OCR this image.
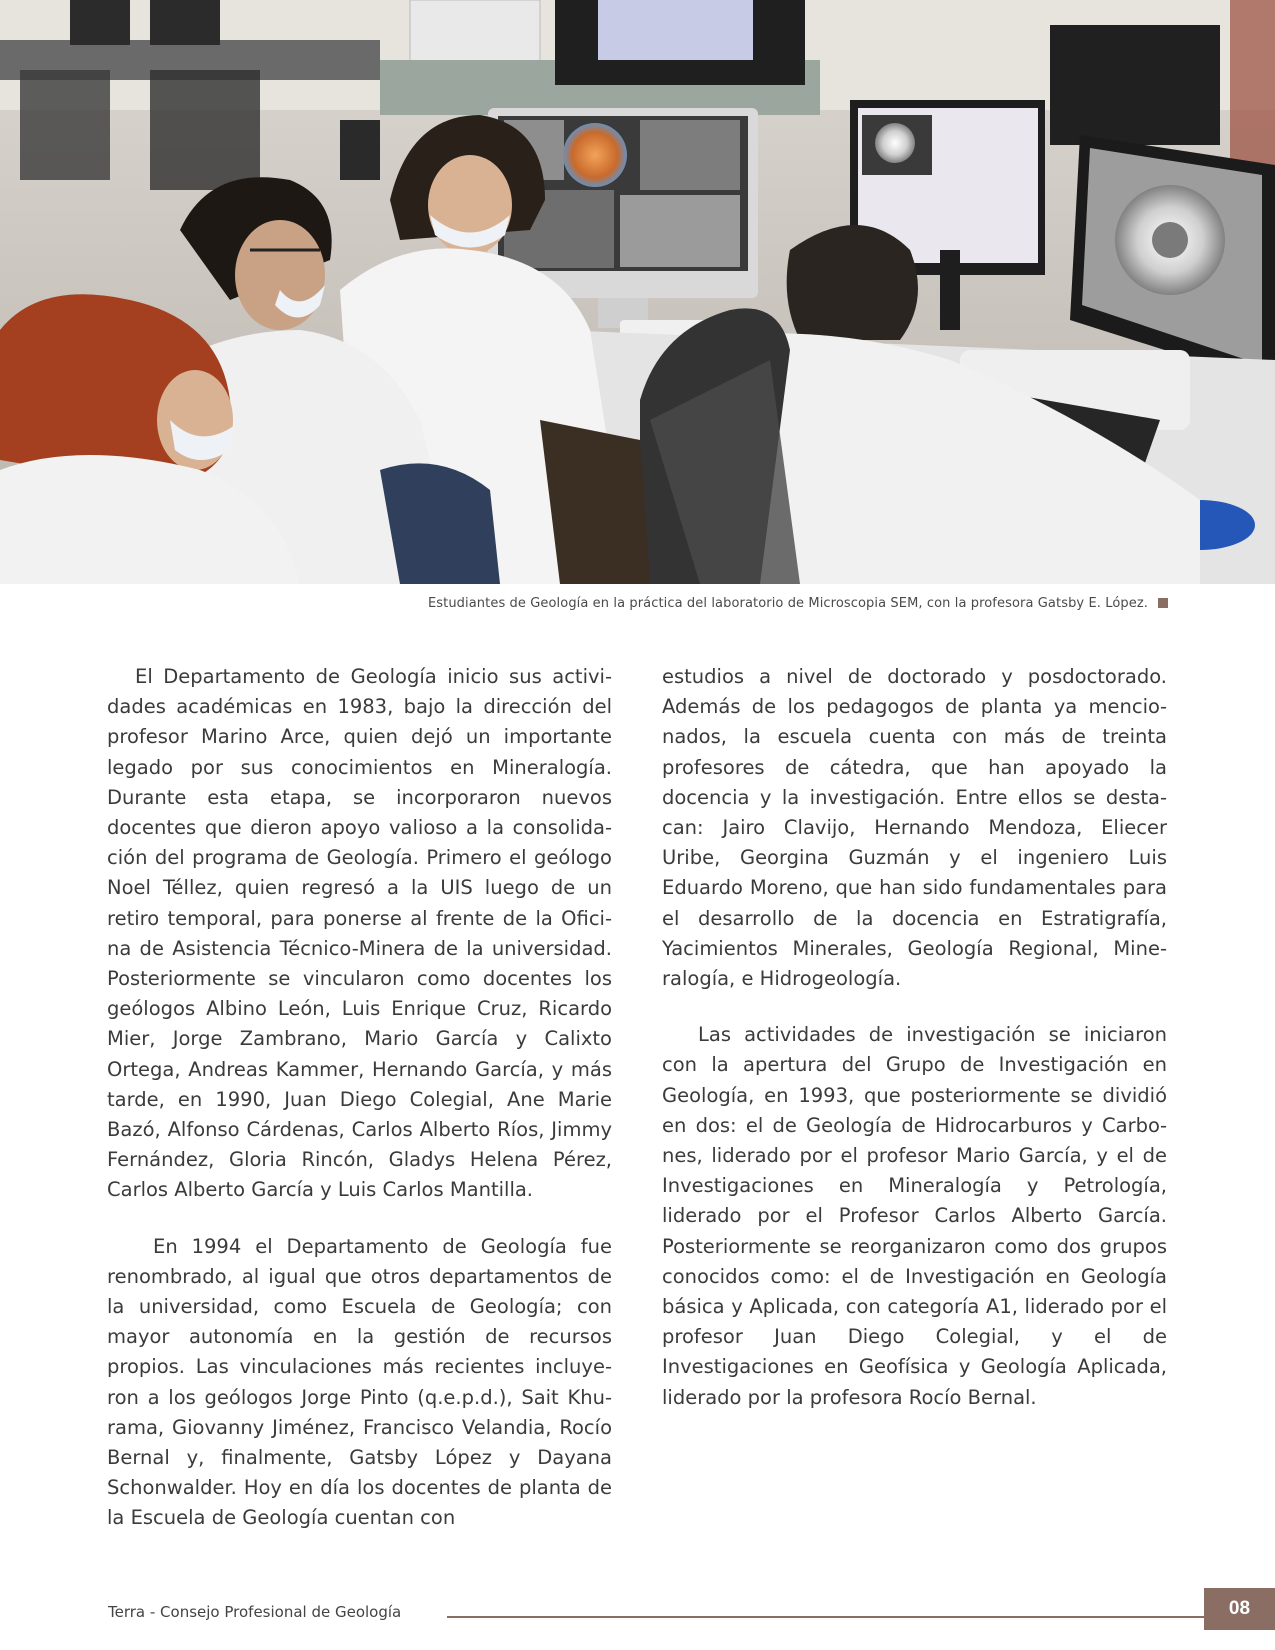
Estudiantes de Geología en la práctica del laboratorio de Microscopia SEM, con la profesora Gatsby E. López.

El Departamento de Geología inicio sus actividades académicas en 1983, bajo la dirección del profesor Marino Arce, quien dejó un importante legado por sus conocimientos en Mineralogía. Durante esta etapa, se incorporaron nuevos docentes que dieron apoyo valioso a la consolidación del programa de Geología. Primero el geólogo Noel Téllez, quien regresó a la UIS luego de un retiro temporal, para ponerse al frente de la Oficina de Asistencia Técnico-Minera de la universidad. Posteriormente se vincularon como docentes los geólogos Albino León, Luis Enrique Cruz, Ricardo Mier, Jorge Zambrano, Mario García y Calixto Ortega, Andreas Kammer, Hernando García, y más tarde, en 1990, Juan Diego Colegial, Ane Marie Bazó, Alfonso Cárdenas, Carlos Alberto Ríos, Jimmy Fernández, Gloria Rincón, Gladys Helena Pérez, Carlos Alberto García y Luis Carlos Mantilla.

En 1994 el Departamento de Geología fue renombrado, al igual que otros departamentos de la universidad, como Escuela de Geología; con mayor autonomía en la gestión de recursos propios. Las vinculaciones más recientes incluyeron a los geólogos Jorge Pinto (q.e.p.d.), Sait Khurama, Giovanny Jiménez, Francisco Velandia, Rocío Bernal y, finalmente, Gatsby López y Dayana Schonwalder. Hoy en día los docentes de planta de la Escuela de Geología cuentan con

estudios a nivel de doctorado y posdoctorado. Además de los pedagogos de planta ya mencionados, la escuela cuenta con más de treinta profesores de cátedra, que han apoyado la docencia y la investigación. Entre ellos se destacan: Jairo Clavijo, Hernando Mendoza, Eliecer Uribe, Georgina Guzmán y el ingeniero Luis Eduardo Moreno, que han sido fundamentales para el desarrollo de la docencia en Estratigrafía, Yacimientos Minerales, Geología Regional, Mineralogía, e Hidrogeología.

Las actividades de investigación se iniciaron con la apertura del Grupo de Investigación en Geología, en 1993, que posteriormente se dividió en dos: el de Geología de Hidrocarburos y Carbones, liderado por el profesor Mario García, y el de Investigaciones en Mineralogía y Petrología, liderado por el Profesor Carlos Alberto García. Posteriormente se reorganizaron como dos grupos conocidos como: el de Investigación en Geología básica y Aplicada, con categoría A1, liderado por el profesor Juan Diego Colegial, y el de Investigaciones en Geofísica y Geología Aplicada, liderado por la profesora Rocío Bernal.

Terra - Consejo Profesional de Geología	08
